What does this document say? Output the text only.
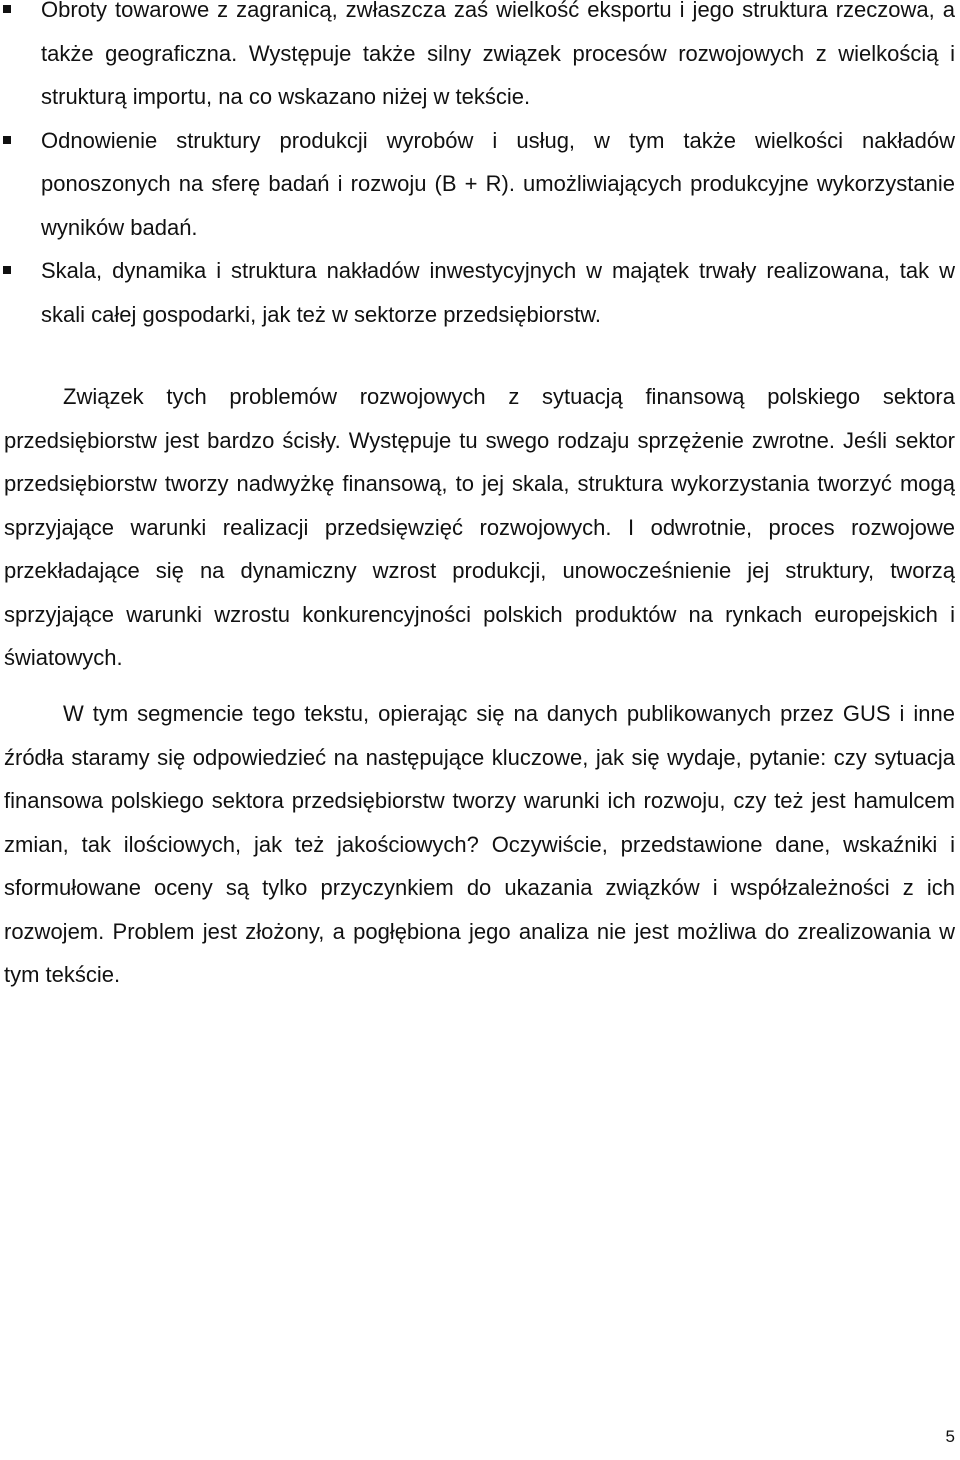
Obroty towarowe z zagranicą, zwłaszcza zaś wielkość eksportu i jego struktura rzeczowa, a także geograficzna. Występuje także silny związek procesów rozwojowych z wielkością i strukturą importu, na co wskazano niżej w tekście.
Odnowienie struktury produkcji wyrobów i usług, w tym także wielkości nakładów ponoszonych na sferę badań i rozwoju (B + R). umożliwiających produkcyjne wykorzystanie wyników badań.
Skala, dynamika i struktura nakładów inwestycyjnych w majątek trwały realizowana, tak w skali całej gospodarki, jak też w sektorze przedsiębiorstw.

Związek tych problemów rozwojowych z sytuacją finansową polskiego sektora przedsiębiorstw jest bardzo ścisły. Występuje tu swego rodzaju sprzężenie zwrotne. Jeśli sektor przedsiębiorstw tworzy nadwyżkę finansową, to jej skala, struktura wykorzystania tworzyć mogą sprzyjające warunki realizacji przedsięwzięć rozwojowych. I odwrotnie, proces rozwojowe przekładające się na dynamiczny wzrost produkcji, unowocześnienie jej struktury, tworzą sprzyjające warunki wzrostu konkurencyjności polskich produktów na rynkach europejskich i światowych.

W tym segmencie tego tekstu, opierając się na danych publikowanych przez GUS i inne źródła staramy się odpowiedzieć na następujące kluczowe, jak się wydaje, pytanie: czy sytuacja finansowa polskiego sektora przedsiębiorstw tworzy warunki ich rozwoju, czy też jest hamulcem zmian, tak ilościowych, jak też jakościowych? Oczywiście, przedstawione dane, wskaźniki i sformułowane oceny są tylko przyczynkiem do ukazania związków i współzależności z ich rozwojem. Problem jest złożony, a pogłębiona jego analiza nie jest możliwa do zrealizowania w tym tekście.

5
